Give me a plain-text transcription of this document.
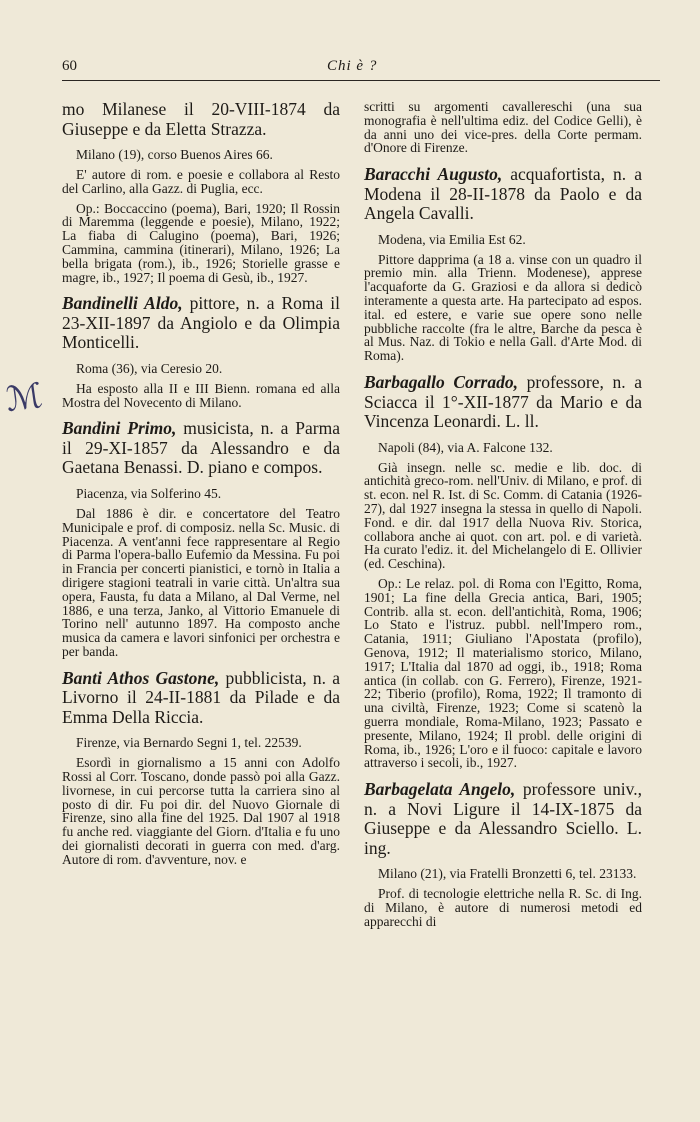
60	Chi è ?
ℳ

mo Milanese il 20-VIII-1874 da Giuseppe e da Eletta Strazza.

Milano (19), corso Buenos Aires 66.

E' autore di rom. e poesie e collabora al Resto del Carlino, alla Gazz. di Puglia, ecc.

Op.: Boccaccino (poema), Bari, 1920; Il Rossin di Maremma (leggende e poesie), Milano, 1922; La fiaba di Calugino (poema), Bari, 1926; Cammina, cammina (itinerari), Milano, 1926; La bella brigata (rom.), ib., 1926; Storielle grasse e magre, ib., 1927; Il poema di Gesù, ib., 1927.

Bandinelli Aldo, pittore, n. a Roma il 23-XII-1897 da Angiolo e da Olimpia Monticelli.

Roma (36), via Ceresio 20.

Ha esposto alla II e III Bienn. romana ed alla Mostra del Novecento di Milano.

Bandini Primo, musicista, n. a Parma il 29-XI-1857 da Alessandro e da Gaetana Benassi. D. piano e compos.

Piacenza, via Solferino 45.

Dal 1886 è dir. e concertatore del Teatro Municipale e prof. di composiz. nella Sc. Music. di Piacenza. A vent'anni fece rappresentare al Regio di Parma l'opera-ballo Eufemio da Messina. Fu poi in Francia per concerti pianistici, e tornò in Italia a dirigere stagioni teatrali in varie città. Un'altra sua opera, Fausta, fu data a Milano, al Dal Verme, nel 1886, e una terza, Janko, al Vittorio Emanuele di Torino nell' autunno 1897. Ha composto anche musica da camera e lavori sinfonici per orchestra e per banda.

Banti Athos Gastone, pubblicista, n. a Livorno il 24-II-1881 da Pilade e da Emma Della Riccia.

Firenze, via Bernardo Segni 1, tel. 22539.

Esordì in giornalismo a 15 anni con Adolfo Rossi al Corr. Toscano, donde passò poi alla Gazz. livornese, in cui percorse tutta la carriera sino al posto di dir. Fu poi dir. del Nuovo Giornale di Firenze, sino alla fine del 1925. Dal 1907 al 1918 fu anche red. viaggiante del Giorn. d'Italia e fu uno dei giornalisti decorati in guerra con med. d'arg. Autore di rom. d'avventure, nov. e

scritti su argomenti cavallereschi (una sua monografia è nell'ultima ediz. del Codice Gelli), è da anni uno dei vice-pres. della Corte permam. d'Onore di Firenze.

Baracchi Augusto, acquafortista, n. a Modena il 28-II-1878 da Paolo e da Angela Cavalli.

Modena, via Emilia Est 62.

Pittore dapprima (a 18 a. vinse con un quadro il premio min. alla Trienn. Modenese), apprese l'acquaforte da G. Graziosi e da allora si dedicò interamente a questa arte. Ha partecipato ad espos. ital. ed estere, e varie sue opere sono nelle pubbliche raccolte (fra le altre, Barche da pesca è al Mus. Naz. di Tokio e nella Gall. d'Arte Mod. di Roma).

Barbagallo Corrado, professore, n. a Sciacca il 1°-XII-1877 da Mario e da Vincenza Leonardi. L. ll.

Napoli (84), via A. Falcone 132.

Già insegn. nelle sc. medie e lib. doc. di antichità greco-rom. nell'Univ. di Milano, e prof. di st. econ. nel R. Ist. di Sc. Comm. di Catania (1926-27), dal 1927 insegna la stessa in quello di Napoli. Fond. e dir. dal 1917 della Nuova Riv. Storica, collabora anche ai quot. con art. pol. e di varietà. Ha curato l'ediz. it. del Michelangelo di E. Ollivier (ed. Ceschina).

Op.: Le relaz. pol. di Roma con l'Egitto, Roma, 1901; La fine della Grecia antica, Bari, 1905; Contrib. alla st. econ. dell'antichità, Roma, 1906; Lo Stato e l'istruz. pubbl. nell'Impero rom., Catania, 1911; Giuliano l'Apostata (profilo), Genova, 1912; Il materialismo storico, Milano, 1917; L'Italia dal 1870 ad oggi, ib., 1918; Roma antica (in collab. con G. Ferrero), Firenze, 1921-22; Tiberio (profilo), Roma, 1922; Il tramonto di una civiltà, Firenze, 1923; Come si scatenò la guerra mondiale, Roma-Milano, 1923; Passato e presente, Milano, 1924; Il probl. delle origini di Roma, ib., 1926; L'oro e il fuoco: capitale e lavoro attraverso i secoli, ib., 1927.

Barbagelata Angelo, professore univ., n. a Novi Ligure il 14-IX-1875 da Giuseppe e da Alessandro Sciello. L. ing.

Milano (21), via Fratelli Bronzetti 6, tel. 23133.

Prof. di tecnologie elettriche nella R. Sc. di Ing. di Milano, è autore di numerosi metodi ed apparecchi di
